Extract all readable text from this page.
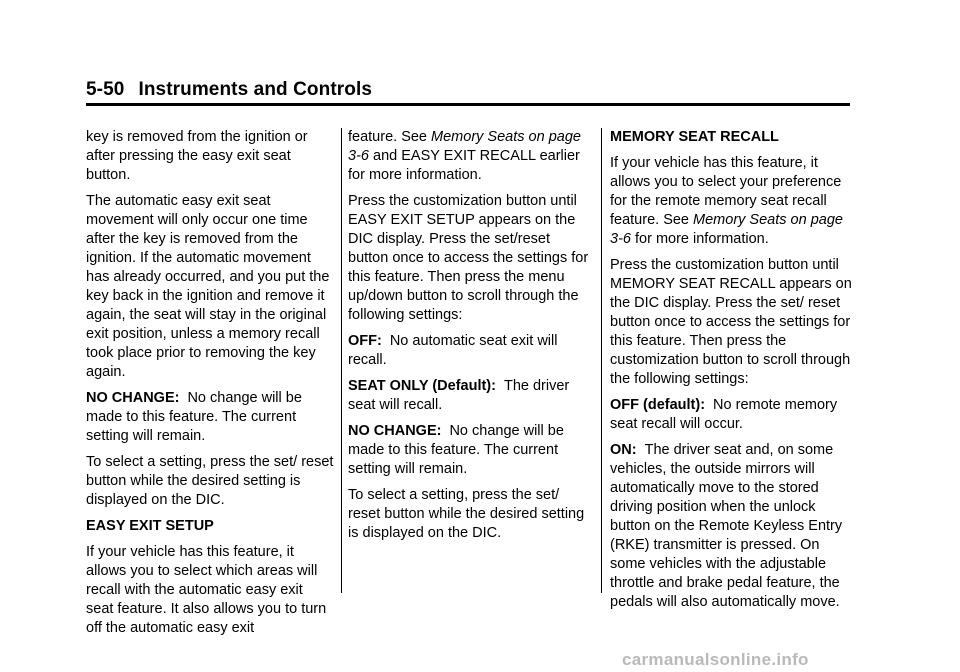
5-50 Instruments and Controls

key is removed from the ignition or after pressing the easy exit seat button.

The automatic easy exit seat movement will only occur one time after the key is removed from the ignition. If the automatic movement has already occurred, and you put the key back in the ignition and remove it again, the seat will stay in the original exit position, unless a memory recall took place prior to removing the key again.

NO CHANGE: No change will be made to this feature. The current setting will remain.

To select a setting, press the set/ reset button while the desired setting is displayed on the DIC.

EASY EXIT SETUP

If your vehicle has this feature, it allows you to select which areas will recall with the automatic easy exit seat feature. It also allows you to turn off the automatic easy exit

feature. See Memory Seats on page 3-6 and EASY EXIT RECALL earlier for more information.

Press the customization button until EASY EXIT SETUP appears on the DIC display. Press the set/reset button once to access the settings for this feature. Then press the menu up/down button to scroll through the following settings:

OFF: No automatic seat exit will recall.

SEAT ONLY (Default): The driver seat will recall.

NO CHANGE: No change will be made to this feature. The current setting will remain.

To select a setting, press the set/ reset button while the desired setting is displayed on the DIC.

MEMORY SEAT RECALL

If your vehicle has this feature, it allows you to select your preference for the remote memory seat recall feature. See Memory Seats on page 3-6 for more information.

Press the customization button until MEMORY SEAT RECALL appears on the DIC display. Press the set/ reset button once to access the settings for this feature. Then press the customization button to scroll through the following settings:

OFF (default): No remote memory seat recall will occur.

ON: The driver seat and, on some vehicles, the outside mirrors will automatically move to the stored driving position when the unlock button on the Remote Keyless Entry (RKE) transmitter is pressed. On some vehicles with the adjustable throttle and brake pedal feature, the pedals will also automatically move.

carmanualsonline.info
